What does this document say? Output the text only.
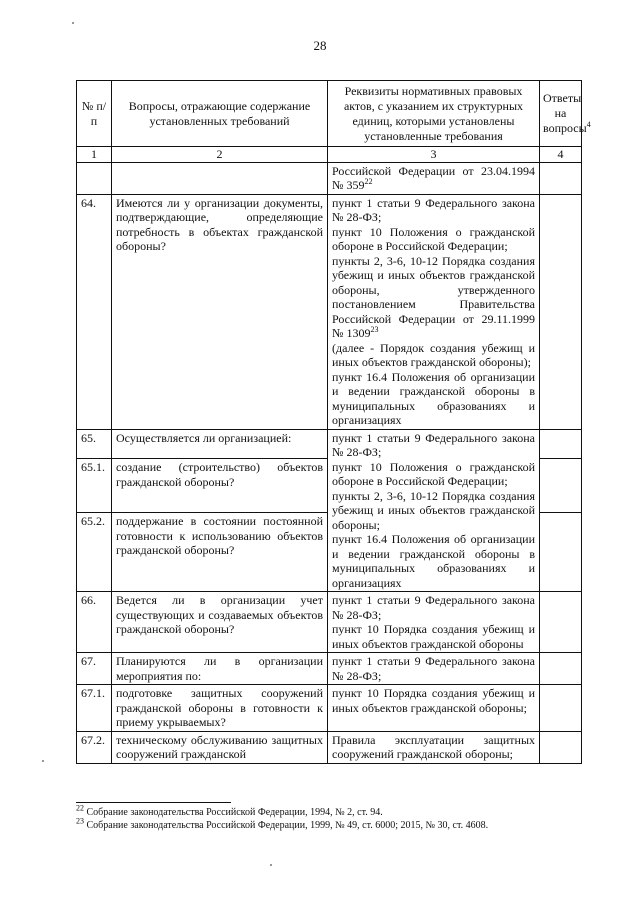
28
№ п/п	Вопросы, отражающие содержание установленных требований	Реквизиты нормативных правовых актов, с указанием их структурных единиц, которыми установлены установленные требования	Ответы на вопросы$^4$
1	2	3	4
		Российской Федерации от 23.04.1994 № $359^{22}$	
64.	Имеются ли у организации документы, подтверждающие, определяющие потребность в объектах гражданской обороны?	пункт 1 статьи 9 Федерального закона № 28-ФЗ;
пункт 10 Положения о гражданской обороне в Российской Федерации;
пункты 2, 3-6, 10-12 Порядка создания убежищ и иных объектов гражданской обороны, утвержденного постановлением Правительства Российской Федерации от 29.11.1999 № 1309$^{23}$
(далее - Порядок создания убежищ и иных объектов гражданской обороны);
пункт 16.4 Положения об организации и ведении гражданской обороны в муниципальных образованиях и организациях	

65.	Осуществляется ли организацией:	пункт 1 статьи 9 Федерального закона № 28-ФЗ;
пункт 10 Положения о гражданской обороне в Российской Федерации;
пункты 2, 3-6, 10-12 Порядка создания убежищ и иных объектов гражданской обороны;
пункт 16.4 Положения об организации и ведении гражданской обороны в муниципальных образованиях и организациях	

65.1.	создание (строительство) объектов гражданской обороны?		
65.2.	поддержание в состоянии постоянной готовности к использованию объектов гражданской обороны?		
66.	Ведется ли в организации учет существующих и создаваемых объектов гражданской обороны?	пункт 1 статьи 9 Федерального закона № 28-ФЗ;
пункт 10 Порядка создания убежищ и иных объектов гражданской обороны	

67.	Планируются ли в организации мероприятия по:	пункт 1 статьи 9 Федерального закона № 28-ФЗ;	
67.1.	подготовке защитных сооружений гражданской обороны в готовности к приему укрываемых?	пункт 10 Порядка создания убежищ и иных объектов гражданской обороны;	
67.2.	техническому обслуживанию защитных сооружений гражданской	Правила эксплуатации защитных сооружений гражданской обороны;	
$^{22}$ Собрание законодательства Российской Федерации, 1994, № 2, ст. 94.
$^{23}$ Собрание законодательства Российской Федерации, 1999, № 49, ст. 6000; 2015, № 30, ст. 4608.
